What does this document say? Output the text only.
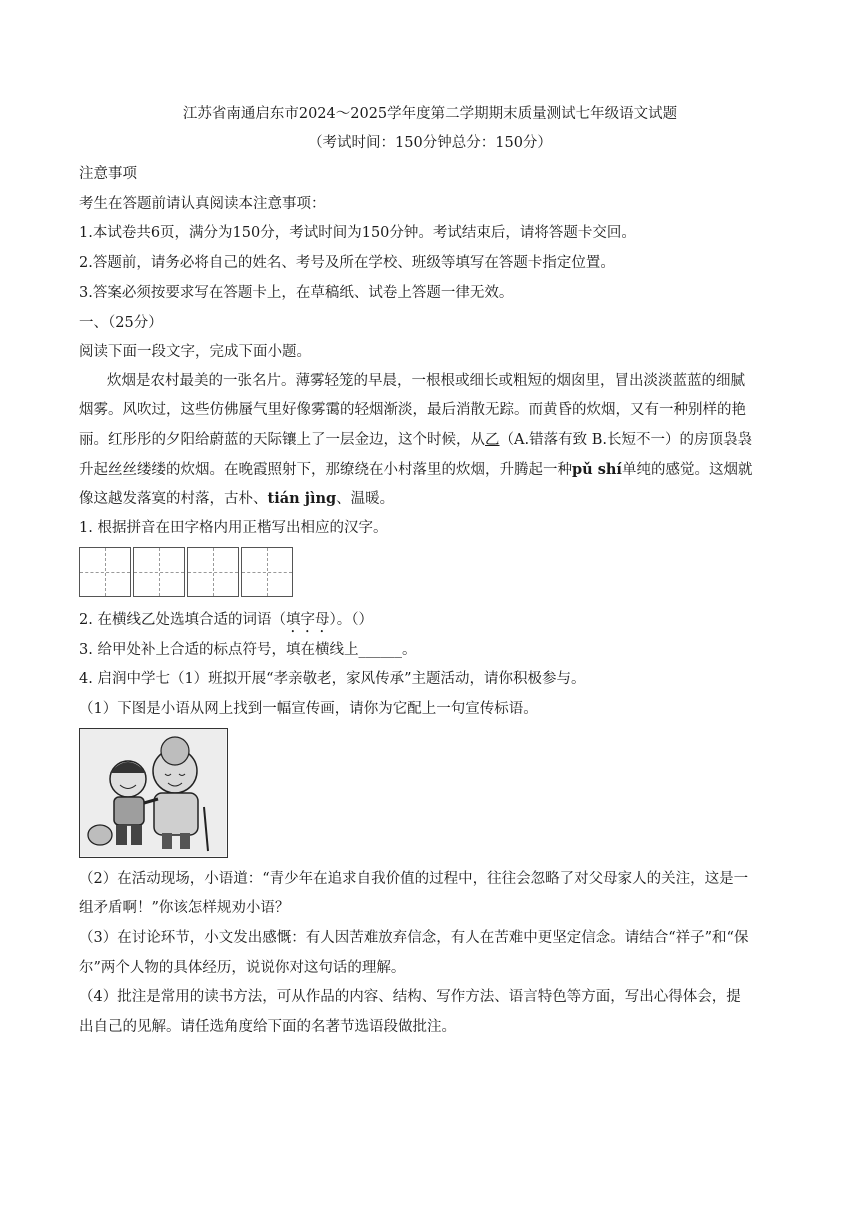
江苏省南通启东市2024～2025学年度第二学期期末质量测试七年级语文试题
（考试时间：150分钟总分：150分）
注意事项
考生在答题前请认真阅读本注意事项：
1.本试卷共6页，满分为150分，考试时间为150分钟。考试结束后，请将答题卡交回。
2.答题前，请务必将自己的姓名、考号及所在学校、班级等填写在答题卡指定位置。
3.答案必须按要求写在答题卡上，在草稿纸、试卷上答题一律无效。
一、（25分）
阅读下面一段文字，完成下面小题。
炊烟是农村最美的一张名片。薄雾轻笼的早晨，一根根或细长或粗短的烟囱里，冒出淡淡蓝蓝的细腻
烟雾。风吹过，这些仿佛蜃气里好像雾霭的轻烟渐淡，最后消散无踪。而黄昏的炊烟，又有一种别样的艳
丽。红彤彤的夕阳给蔚蓝的天际镶上了一层金边，这个时候，从乙（A.错落有致 B.长短不一）的房顶袅袅
升起丝丝缕缕的炊烟。在晚霞照射下，那缭绕在小村落里的炊烟，升腾起一种pǔ shí单纯的感觉。这烟就
像这越发落寞的村落，古朴、tián jìng、温暖。
1. 根据拼音在田字格内用正楷写出相应的汉字。
2. 在横线乙处选填合适的词语（填字母）。（）
3. 给甲处补上合适的标点符号，填在横线上______。
4. 启润中学七（1）班拟开展“孝亲敬老，家风传承”主题活动，请你积极参与。
（1）下图是小语从网上找到一幅宣传画，请你为它配上一句宣传标语。
（2）在活动现场，小语道：“青少年在追求自我价值的过程中，往往会忽略了对父母家人的关注，这是一
组矛盾啊！”你该怎样规劝小语？
（3）在讨论环节，小文发出感慨：有人因苦难放弃信念，有人在苦难中更坚定信念。请结合“祥子”和“保
尔”两个人物的具体经历，说说你对这句话的理解。
（4）批注是常用的读书方法，可从作品的内容、结构、写作方法、语言特色等方面，写出心得体会，提
出自己的见解。请任选角度给下面的名著节选语段做批注。
